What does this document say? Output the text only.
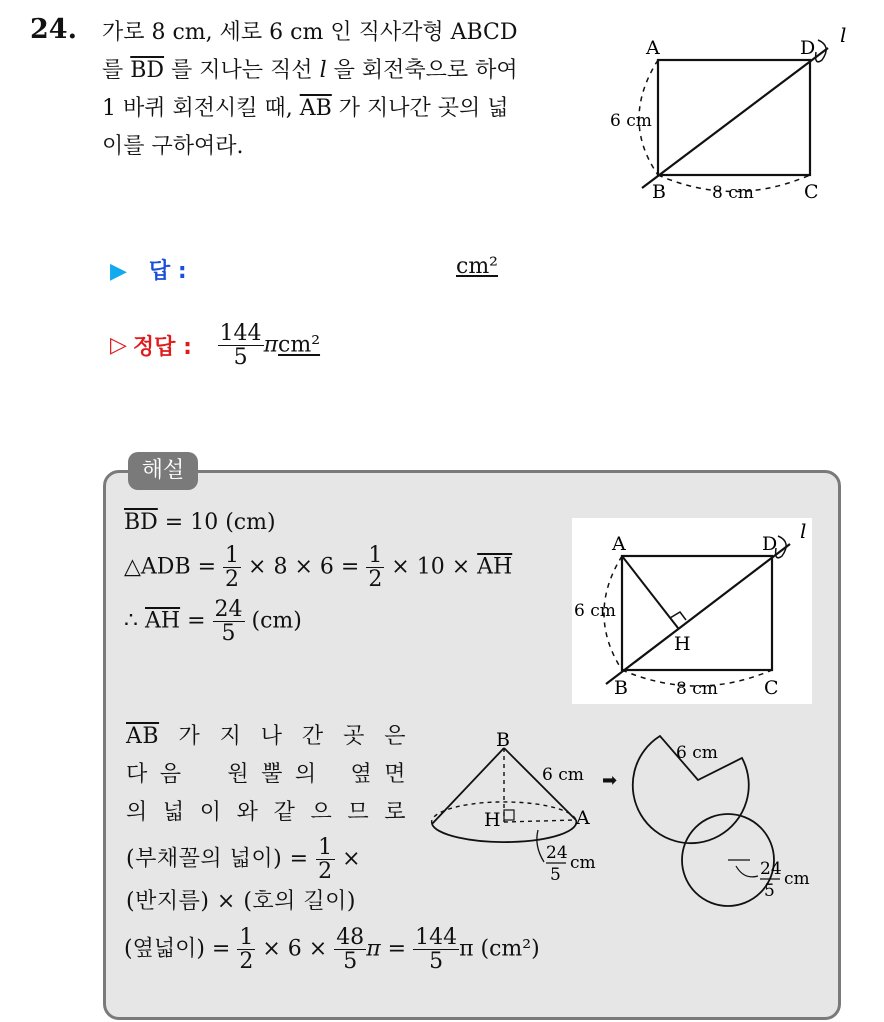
24. 가로 8 cm, 세로 6 cm 인 직사각형 ABCD
를 $\overline{BD}$ 를 지나는 직선 l 을 회전축으로 하여
1 바퀴 회전시킬 때, $\overline{AB}$ 가 지나간 곳의 넓
이를 구하여라.
A	D
l
B	C
6 cm
8 cm
▶ 답 :	cm²
▷ 정답 : $\frac{144}{5} \pi cm^2$
해설
$\overline{BD} = 10$ (cm)
△ADB = $\frac{1}{2} \times 8 \times 6 = \frac{1}{2} \times 10 \times \overline{AH}$
∴ $\overline{AH} = \frac{24}{5} (cm)$
A	D
l
H
B	C
6 cm
8 cm
$\overline{AB}$ 가 지 나 간 곳 은
다 음 원 뿔 의 옆 면
의 넓 이 와 같 으 므 로
(부채꼴의 넓이) = $\frac{1}{2}$ ×
(반지름) × (호의 길이)
(옆넓이) = $\frac{1}{2} \times 6 \times \frac{48}{5}$ $\pi = \frac{144}{5}$ π (cm²)
B
H	A
6 cm
24
5
cm
➡
6 cm
24
5
cm
